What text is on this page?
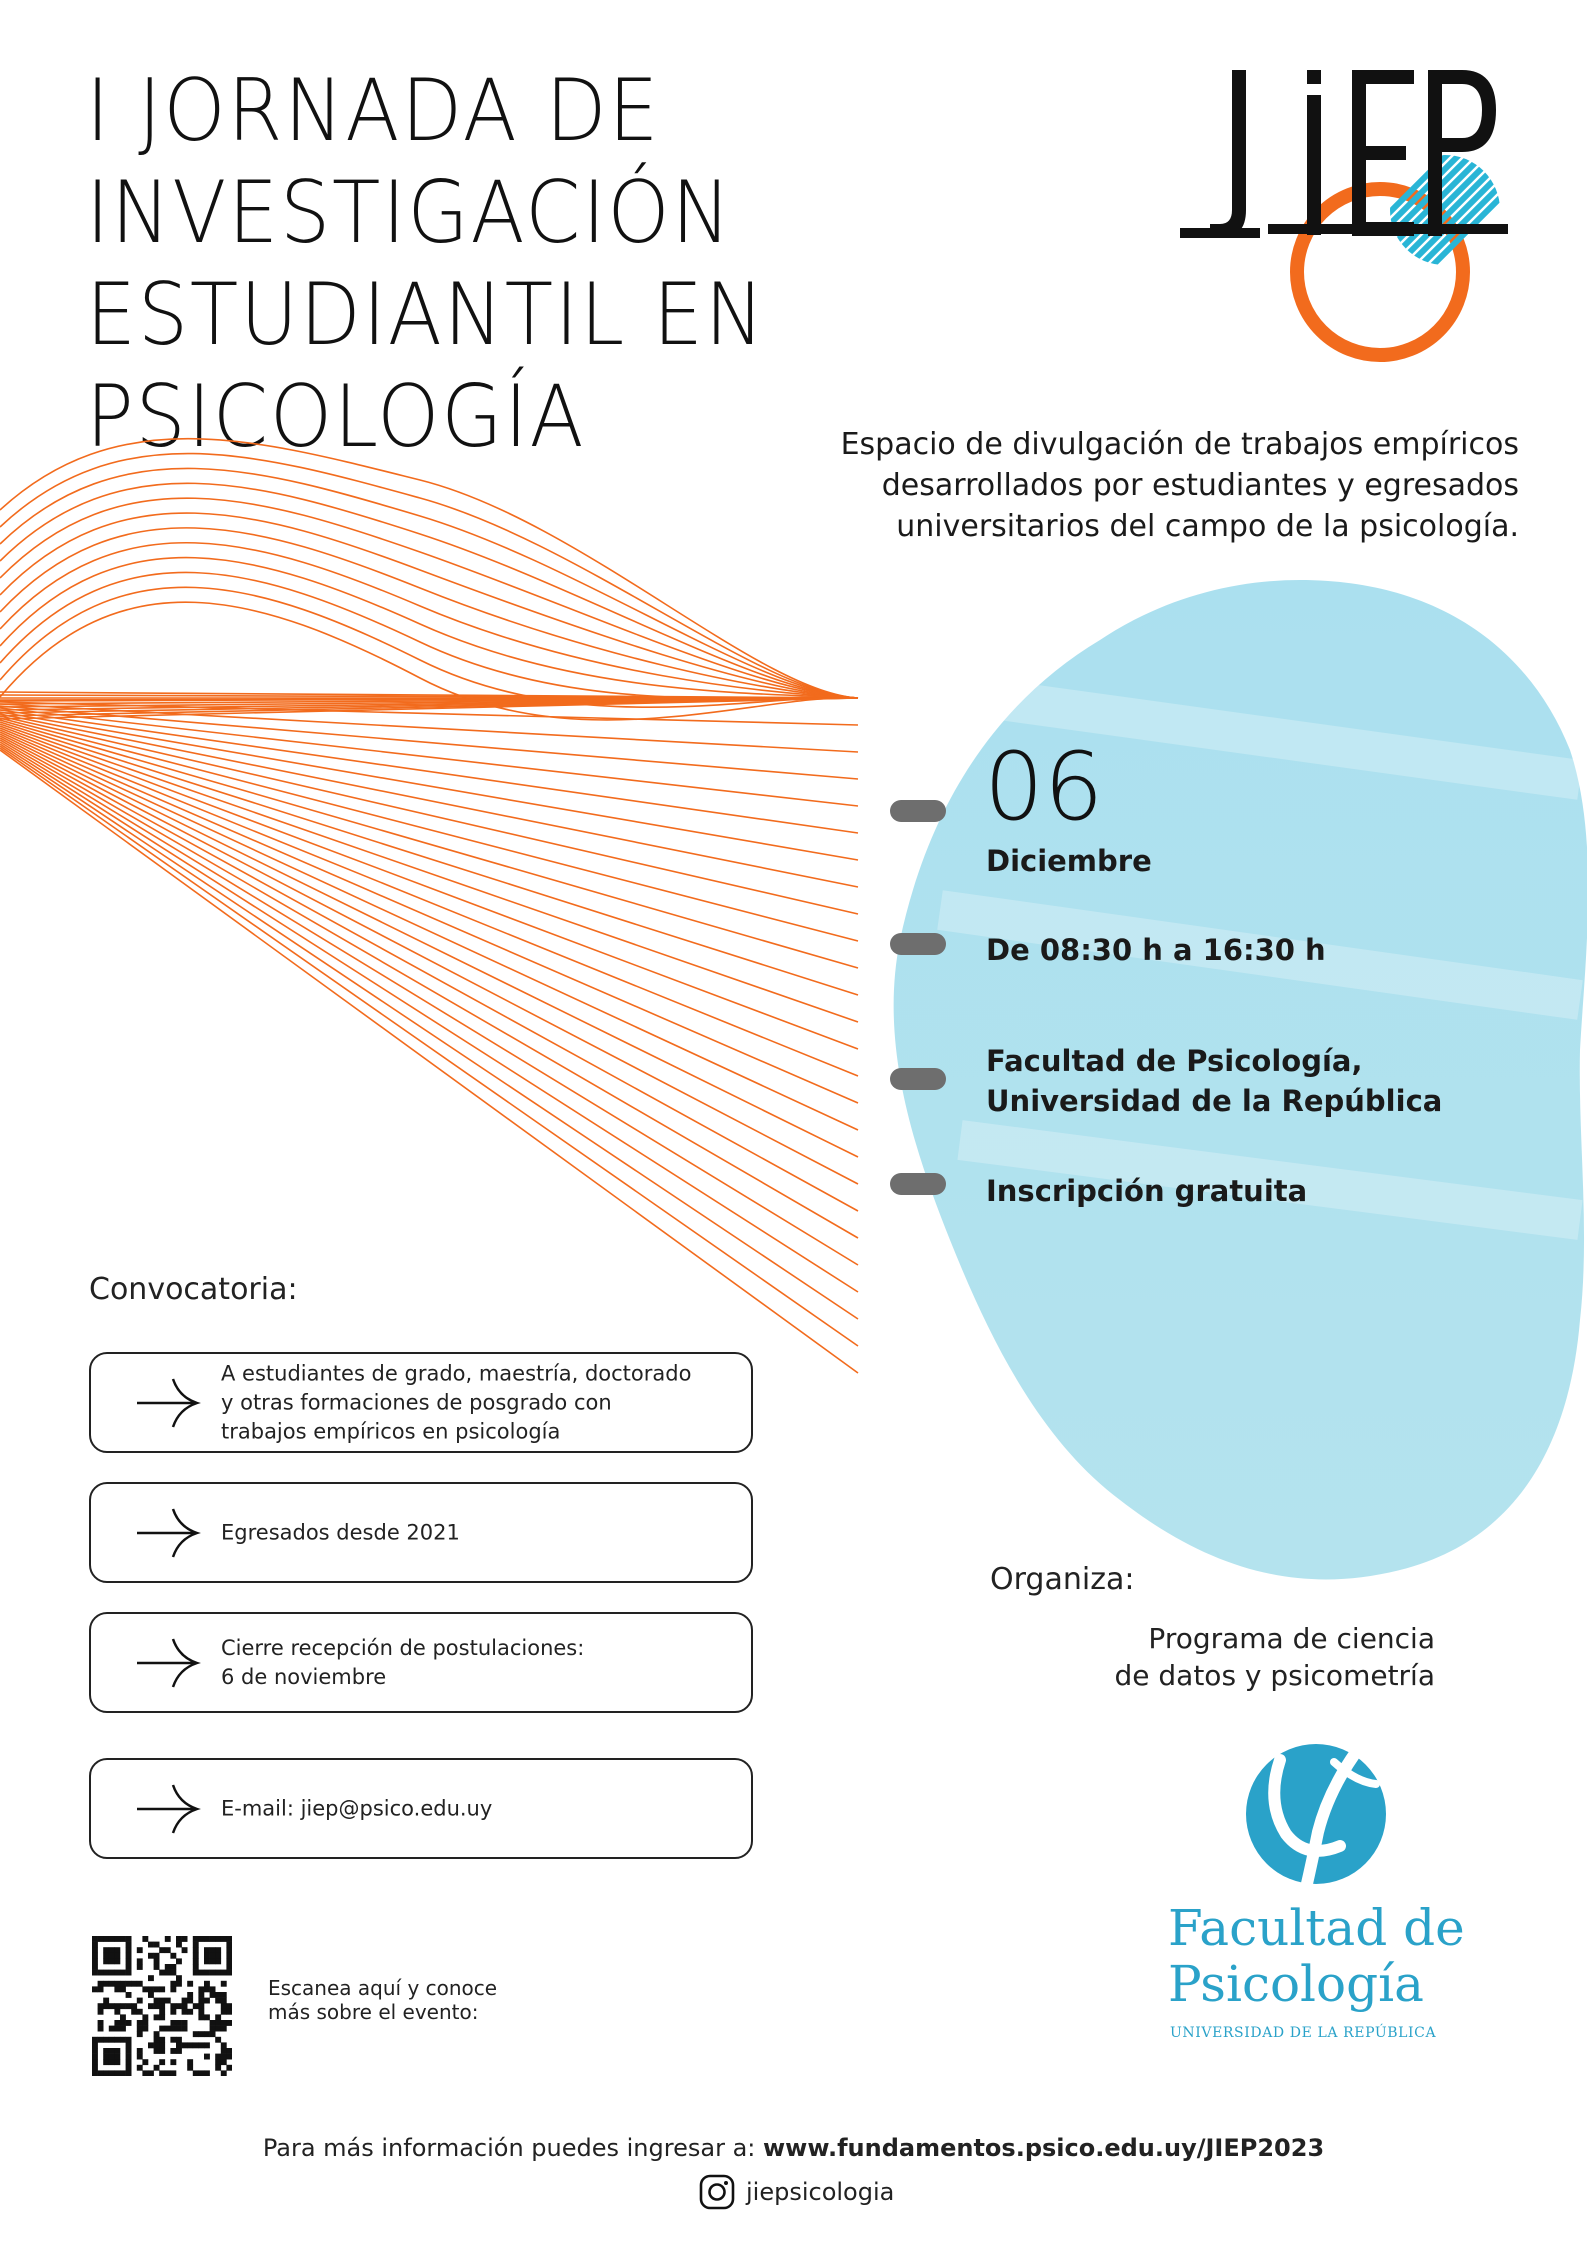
I JORNADA DE
INVESTIGACIÓN
ESTUDIANTIL EN
PSICOLOGÍA	Espacio de divulgación de trabajos empíricos
desarrollados por estudiantes y egresados
universitarios del campo de la psicología.
06
Diciembre
De 08:30 h a 16:30 h
Facultad de Psicología,
Universidad de la República
Inscripción gratuita
Convocatoria:
A estudiantes de grado, maestría, doctorado
y otras formaciones de posgrado con
trabajos empíricos en psicología
Egresados desde 2021
Cierre recepción de postulaciones:
6 de noviembre
E-mail: jiep@psico.edu.uy
Organiza:
Programa de ciencia
de datos y psicometría
Facultad de
Psicología
UNIVERSIDAD DE LA REPÚBLICA
Escanea aquí y conoce
más sobre el evento:
Para más información puedes ingresar a: www.fundamentos.psico.edu.uy/JIEP2023
jiepsicologia
